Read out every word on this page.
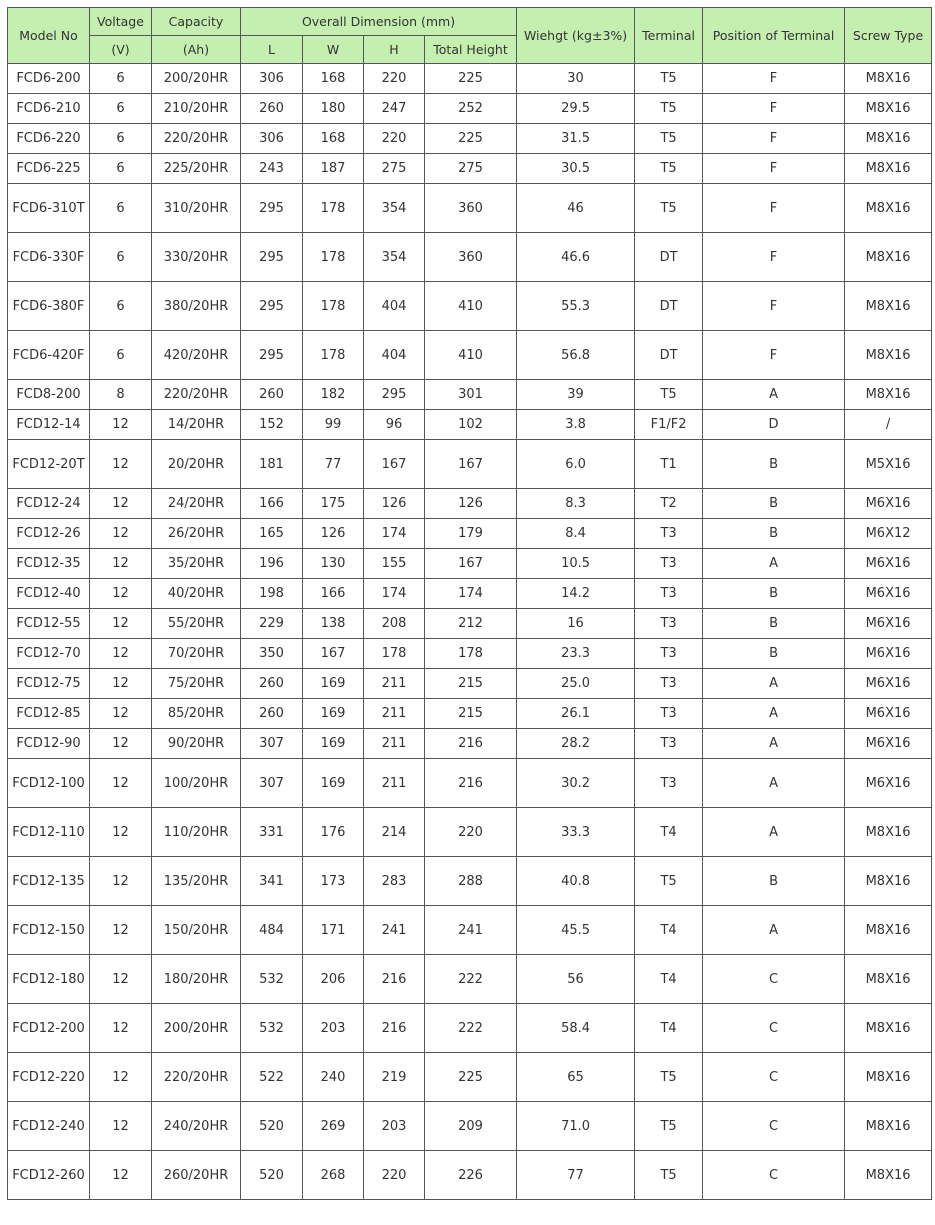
Model No	Voltage	Capacity	Overall Dimension (mm)				Wiehgt (kg±3%)	Terminal	Position of Terminal	Screw Type
	(V)	(Ah)	L	W	H	Total Height				
FCD6-200	6	200/20HR	306	168	220	225	30	T5	F	M8X16
FCD6-210	6	210/20HR	260	180	247	252	29.5	T5	F	M8X16
FCD6-220	6	220/20HR	306	168	220	225	31.5	T5	F	M8X16
FCD6-225	6	225/20HR	243	187	275	275	30.5	T5	F	M8X16
FCD6-310T	6	310/20HR	295	178	354	360	46	T5	F	M8X16
FCD6-330F	6	330/20HR	295	178	354	360	46.6	DT	F	M8X16
FCD6-380F	6	380/20HR	295	178	404	410	55.3	DT	F	M8X16
FCD6-420F	6	420/20HR	295	178	404	410	56.8	DT	F	M8X16
FCD8-200	8	220/20HR	260	182	295	301	39	T5	A	M8X16
FCD12-14	12	14/20HR	152	99	96	102	3.8	F1/F2	D	/
FCD12-20T	12	20/20HR	181	77	167	167	6.0	T1	B	M5X16
FCD12-24	12	24/20HR	166	175	126	126	8.3	T2	B	M6X16
FCD12-26	12	26/20HR	165	126	174	179	8.4	T3	B	M6X12
FCD12-35	12	35/20HR	196	130	155	167	10.5	T3	A	M6X16
FCD12-40	12	40/20HR	198	166	174	174	14.2	T3	B	M6X16
FCD12-55	12	55/20HR	229	138	208	212	16	T3	B	M6X16
FCD12-70	12	70/20HR	350	167	178	178	23.3	T3	B	M6X16
FCD12-75	12	75/20HR	260	169	211	215	25.0	T3	A	M6X16
FCD12-85	12	85/20HR	260	169	211	215	26.1	T3	A	M6X16
FCD12-90	12	90/20HR	307	169	211	216	28.2	T3	A	M6X16
FCD12-100	12	100/20HR	307	169	211	216	30.2	T3	A	M6X16
FCD12-110	12	110/20HR	331	176	214	220	33.3	T4	A	M8X16
FCD12-135	12	135/20HR	341	173	283	288	40.8	T5	B	M8X16
FCD12-150	12	150/20HR	484	171	241	241	45.5	T4	A	M8X16
FCD12-180	12	180/20HR	532	206	216	222	56	T4	C	M8X16
FCD12-200	12	200/20HR	532	203	216	222	58.4	T4	C	M8X16
FCD12-220	12	220/20HR	522	240	219	225	65	T5	C	M8X16
FCD12-240	12	240/20HR	520	269	203	209	71.0	T5	C	M8X16
FCD12-260	12	260/20HR	520	268	220	226	77	T5	C	M8X16
